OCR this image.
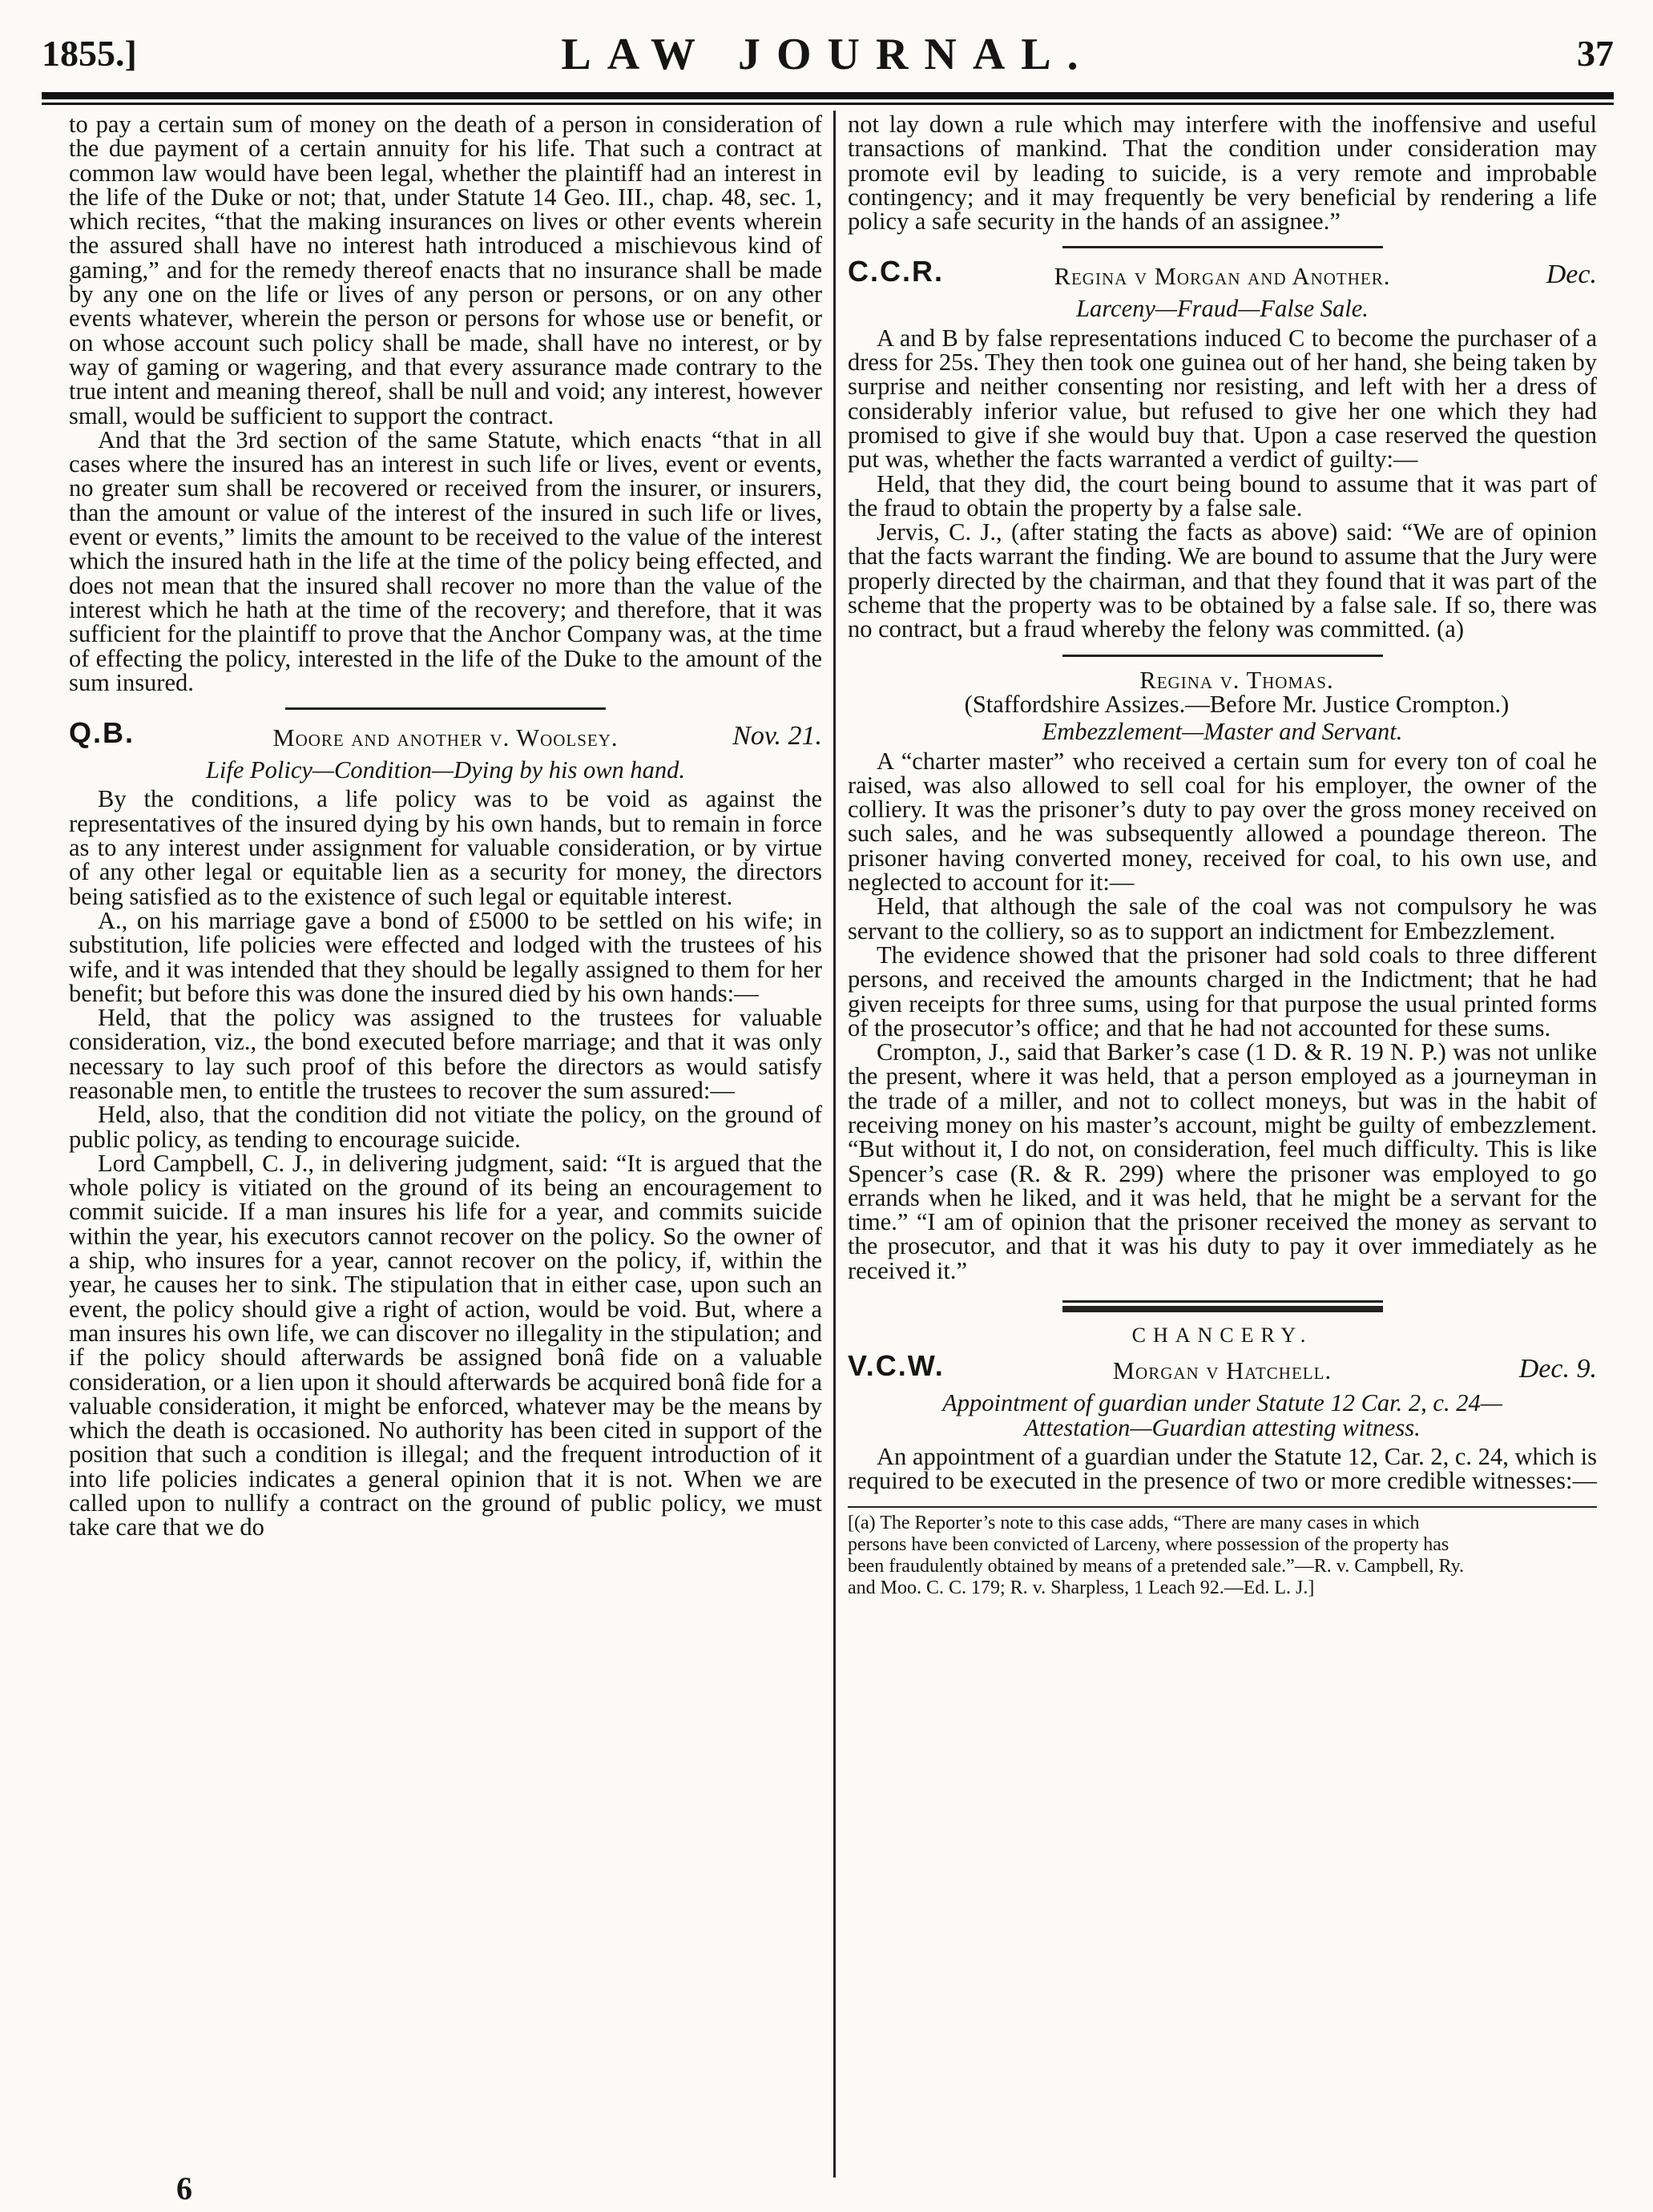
1855.]	LAW JOURNAL.	37

to pay a certain sum of money on the death of a person in consideration of the due payment of a certain annuity for his life. That such a contract at common law would have been legal, whether the plaintiff had an interest in the life of the Duke or not; that, under Statute 14 Geo. III., chap. 48, sec. 1, which recites, “that the making insurances on lives or other events wherein the assured shall have no interest hath introduced a mischievous kind of gaming,” and for the remedy thereof enacts that no insurance shall be made by any one on the life or lives of any person or persons, or on any other events whatever, wherein the person or persons for whose use or benefit, or on whose account such policy shall be made, shall have no interest, or by way of gaming or wagering, and that every assurance made contrary to the true intent and meaning thereof, shall be null and void; any interest, however small, would be sufficient to support the contract.

And that the 3rd section of the same Statute, which enacts “that in all cases where the insured has an interest in such life or lives, event or events, no greater sum shall be recovered or received from the insurer, or insurers, than the amount or value of the interest of the insured in such life or lives, event or events,” limits the amount to be received to the value of the interest which the insured hath in the life at the time of the policy being effected, and does not mean that the insured shall recover no more than the value of the interest which he hath at the time of the recovery; and therefore, that it was sufficient for the plaintiff to prove that the Anchor Company was, at the time of effecting the policy, interested in the life of the Duke to the amount of the sum insured.

Q.B.	Moore and another v. Woolsey.	Nov. 21.
Life Policy—Condition—Dying by his own hand.

By the conditions, a life policy was to be void as against the representatives of the insured dying by his own hands, but to remain in force as to any interest under assignment for valuable consideration, or by virtue of any other legal or equitable lien as a security for money, the directors being satisfied as to the existence of such legal or equitable interest.

A., on his marriage gave a bond of £5000 to be settled on his wife; in substitution, life policies were effected and lodged with the trustees of his wife, and it was intended that they should be legally assigned to them for her benefit; but before this was done the insured died by his own hands:—

Held, that the policy was assigned to the trustees for valuable consideration, viz., the bond executed before marriage; and that it was only necessary to lay such proof of this before the directors as would satisfy reasonable men, to entitle the trustees to recover the sum assured:—

Held, also, that the condition did not vitiate the policy, on the ground of public policy, as tending to encourage suicide.

Lord Campbell, C. J., in delivering judgment, said: “It is argued that the whole policy is vitiated on the ground of its being an encouragement to commit suicide. If a man insures his life for a year, and commits suicide within the year, his executors cannot recover on the policy. So the owner of a ship, who insures for a year, cannot recover on the policy, if, within the year, he causes her to sink. The stipulation that in either case, upon such an event, the policy should give a right of action, would be void. But, where a man insures his own life, we can discover no illegality in the stipulation; and if the policy should afterwards be assigned bonâ fide on a valuable consideration, or a lien upon it should afterwards be acquired bonâ fide for a valuable consideration, it might be enforced, whatever may be the means by which the death is occasioned. No authority has been cited in support of the position that such a condition is illegal; and the frequent introduction of it into life policies indicates a general opinion that it is not. When we are called upon to nullify a contract on the ground of public policy, we must take care that we do

6

not lay down a rule which may interfere with the inoffensive and useful transactions of mankind. That the condition under consideration may promote evil by leading to suicide, is a very remote and improbable contingency; and it may frequently be very beneficial by rendering a life policy a safe security in the hands of an assignee.”

C.C.R.	Regina v Morgan and Another.	Dec.
Larceny—Fraud—False Sale.

A and B by false representations induced C to become the purchaser of a dress for 25s. They then took one guinea out of her hand, she being taken by surprise and neither consenting nor resisting, and left with her a dress of considerably inferior value, but refused to give her one which they had promised to give if she would buy that. Upon a case reserved the question put was, whether the facts warranted a verdict of guilty:—

Held, that they did, the court being bound to assume that it was part of the fraud to obtain the property by a false sale.

Jervis, C. J., (after stating the facts as above) said: “We are of opinion that the facts warrant the finding. We are bound to assume that the Jury were properly directed by the chairman, and that they found that it was part of the scheme that the property was to be obtained by a false sale. If so, there was no contract, but a fraud whereby the felony was committed. (a)

Regina v. Thomas.

(Staffordshire Assizes.—Before Mr. Justice Crompton.)

Embezzlement—Master and Servant.

A “charter master” who received a certain sum for every ton of coal he raised, was also allowed to sell coal for his employer, the owner of the colliery. It was the prisoner’s duty to pay over the gross money received on such sales, and he was subsequently allowed a poundage thereon. The prisoner having converted money, received for coal, to his own use, and neglected to account for it:—

Held, that although the sale of the coal was not compulsory he was servant to the colliery, so as to support an indictment for Embezzlement.

The evidence showed that the prisoner had sold coals to three different persons, and received the amounts charged in the Indictment; that he had given receipts for three sums, using for that purpose the usual printed forms of the prosecutor’s office; and that he had not accounted for these sums.

Crompton, J., said that Barker’s case (1 D. & R. 19 N. P.) was not unlike the present, where it was held, that a person employed as a journeyman in the trade of a miller, and not to collect moneys, but was in the habit of receiving money on his master’s account, might be guilty of embezzlement. “But without it, I do not, on consideration, feel much difficulty. This is like Spencer’s case (R. & R. 299) where the prisoner was employed to go errands when he liked, and it was held, that he might be a servant for the time.” “I am of opinion that the prisoner received the money as servant to the prosecutor, and that it was his duty to pay it over immediately as he received it.”

CHANCERY.
V.C.W.	Morgan v Hatchell.	Dec. 9.
Appointment of guardian under Statute 12 Car. 2, c. 24—
Attestation—Guardian attesting witness.

An appointment of a guardian under the Statute 12, Car. 2, c. 24, which is required to be executed in the presence of two or more credible witnesses:—

[(a) The Reporter’s note to this case adds, “There are many cases in which
persons have been convicted of Larceny, where possession of the property has
been fraudulently obtained by means of a pretended sale.”—R. v. Campbell, Ry.
and Moo. C. C. 179; R. v. Sharpless, 1 Leach 92.—Ed. L. J.]
